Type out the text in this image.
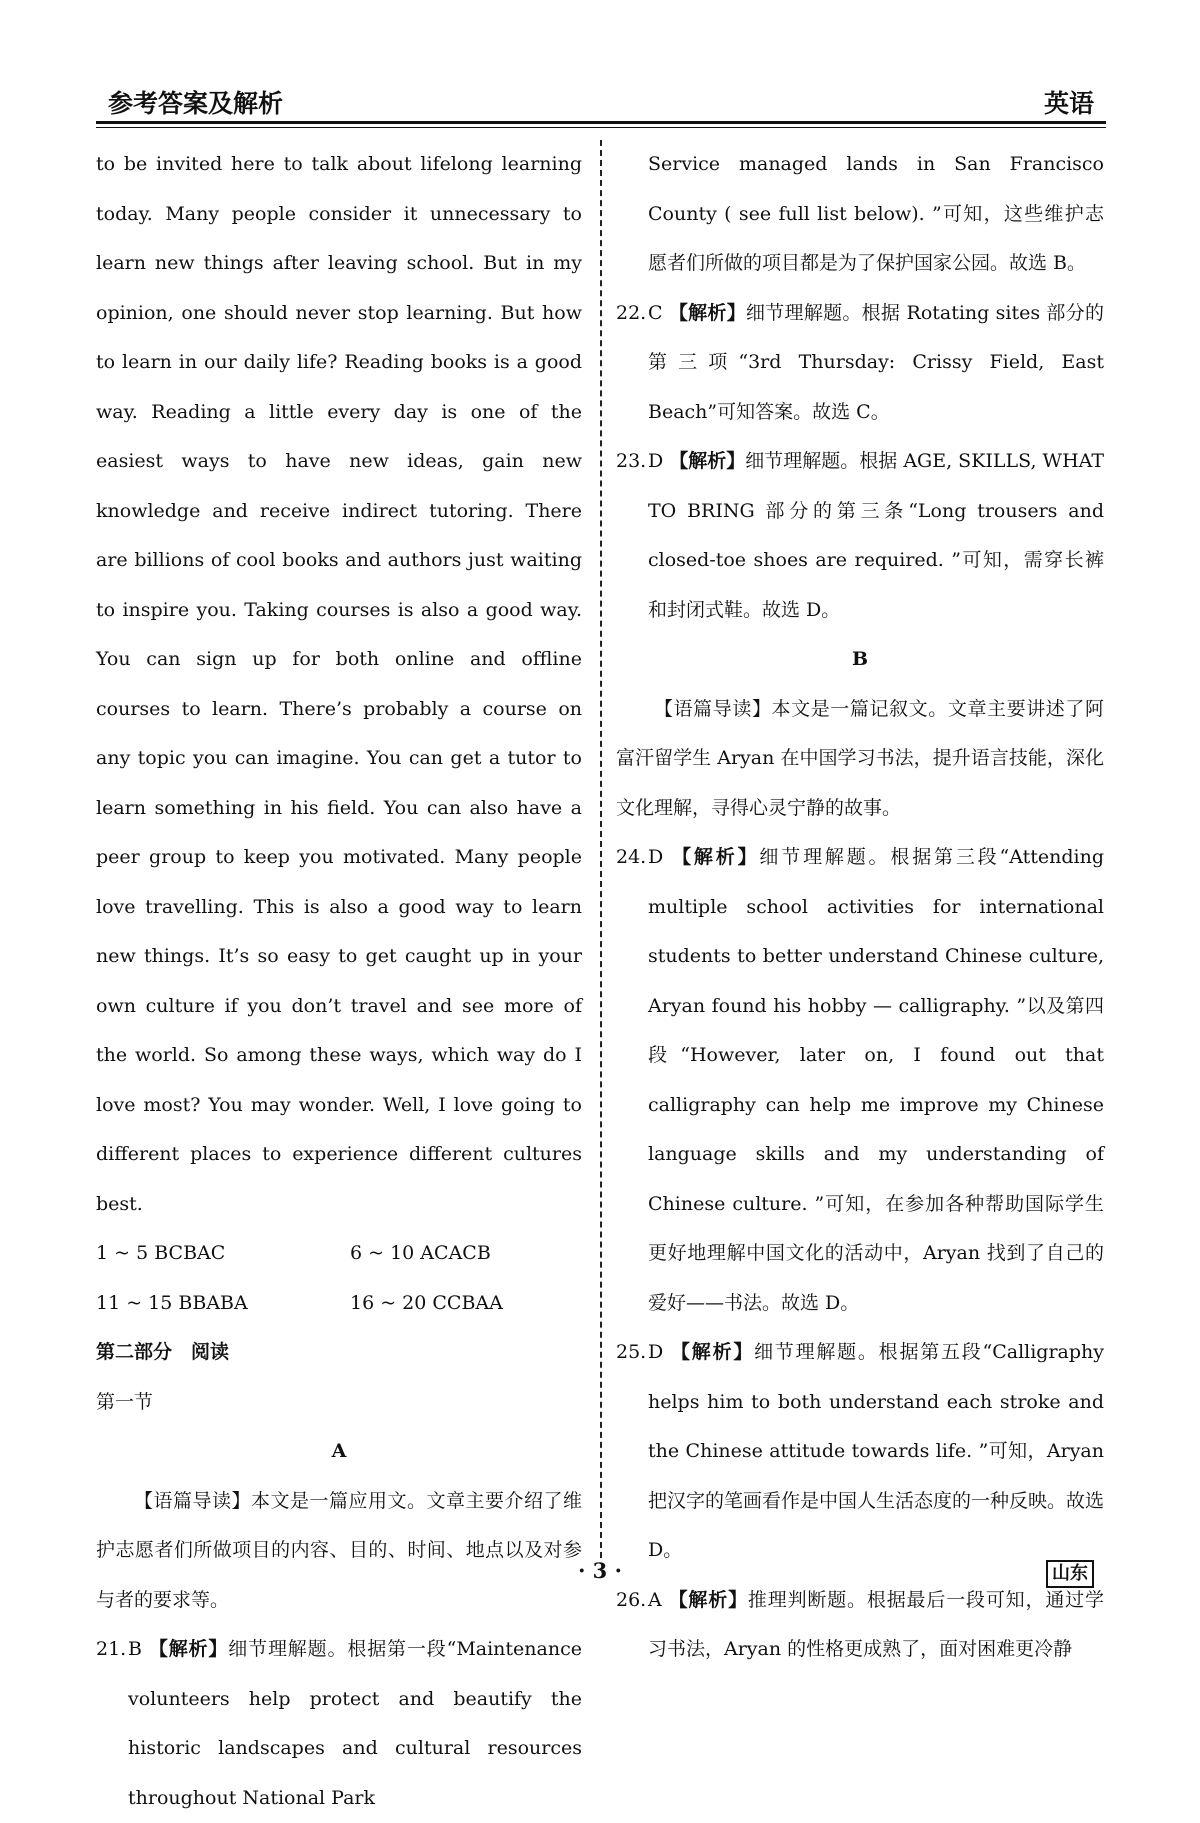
参考答案及解析	英语

to be invited here to talk about lifelong learning today. Many people consider it unnecessary to learn new things after leaving school. But in my opinion, one should never stop learning. But how to learn in our daily life? Reading books is a good way. Reading a little every day is one of the easiest ways to have new ideas, gain new knowledge and receive indirect tutoring. There are billions of cool books and authors just waiting to inspire you. Taking courses is also a good way. You can sign up for both online and offline courses to learn. There’s probably a course on any topic you can imagine. You can get a tutor to learn something in his field. You can also have a peer group to keep you motivated. Many people love travelling. This is also a good way to learn new things. It’s so easy to get caught up in your own culture if you don’t travel and see more of the world. So among these ways, which way do I love most? You may wonder. Well, I love going to different places to experience different cultures best.

1 ~ 5 BCBAC	6 ~ 10 ACACB
11 ~ 15 BBABA	16 ~ 20 CCBAA

第二部分　阅读

第一节

A

【语篇导读】本文是一篇应用文。文章主要介绍了维护志愿者们所做项目的内容、目的、时间、地点以及对参与者的要求等。

21.B 【解析】细节理解题。根据第一段“Maintenance volunteers help protect and beautify the historic landscapes and cultural resources throughout National Park

Service managed lands in San Francisco County ( see full list below). ”可知，这些维护志愿者们所做的项目都是为了保护国家公园。故选 B。

22.C 【解析】细节理解题。根据 Rotating sites 部分的第三项“3rd Thursday: Crissy Field, East Beach”可知答案。故选 C。

23.D 【解析】细节理解题。根据 AGE, SKILLS, WHAT TO BRING 部分的第三条“Long trousers and closed-toe shoes are required. ”可知，需穿长裤和封闭式鞋。故选 D。

B

【语篇导读】本文是一篇记叙文。文章主要讲述了阿富汗留学生 Aryan 在中国学习书法，提升语言技能，深化文化理解，寻得心灵宁静的故事。

24.D 【解析】细节理解题。根据第三段“Attending multiple school activities for international students to better understand Chinese culture, Aryan found his hobby — calligraphy. ”以及第四段“However, later on, I found out that calligraphy can help me improve my Chinese language skills and my understanding of Chinese culture. ”可知，在参加各种帮助国际学生更好地理解中国文化的活动中，Aryan 找到了自己的爱好——书法。故选 D。

25.D 【解析】细节理解题。根据第五段“Calligraphy helps him to both understand each stroke and the Chinese attitude towards life. ”可知，Aryan 把汉字的笔画看作是中国人生活态度的一种反映。故选 D。

26.A 【解析】推理判断题。根据最后一段可知，通过学习书法，Aryan 的性格更成熟了，面对困难更冷静

· 3 ·	山东
